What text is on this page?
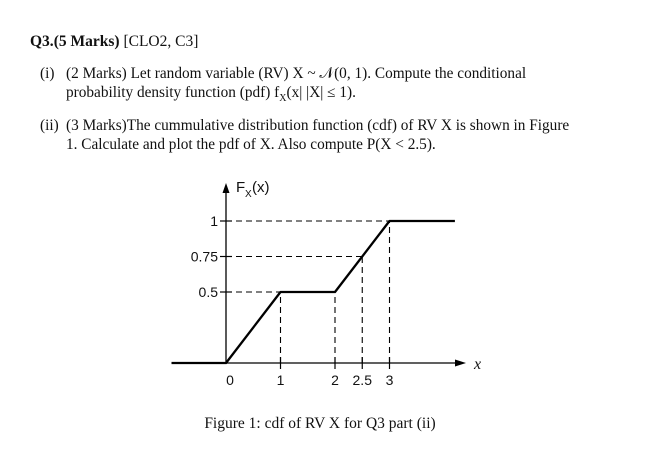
Q3.(5 Marks) [CLO2, C3]
(i) (2 Marks) Let random variable (RV) X ~ 𝒩(0, 1). Compute the conditional
probability density function (pdf) $f_X(x|$ |X| ≤ 1).
(ii) (3 Marks)The cummulative distribution function (cdf) of RV X is shown in Figure
1. Calculate and plot the pdf of X. Also compute P(X < 2.5).
0.5
0.75
1
0	1	2 2.5 3
F X (x)
x
Figure 1: cdf of RV X for Q3 part (ii)
